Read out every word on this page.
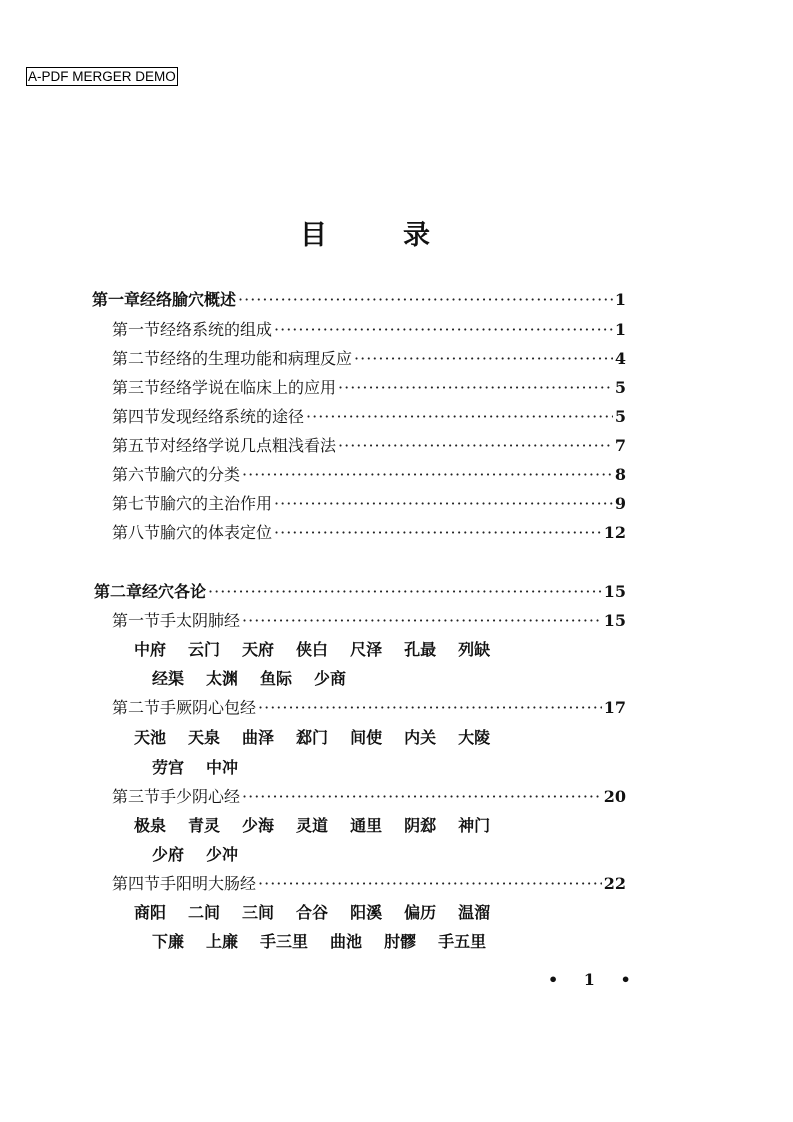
A-PDF MERGER DEMO
目	录
第一章 经络腧穴概述 ·····	1
第一节 经络系统的组成 ·····	1
第二节 经络的生理功能和病理反应 ·····	4
第三节 经络学说在临床上的应用 ·····	5
第四节 发现经络系统的途径 ·····	5
第五节 对经络学说几点粗浅看法 ·····	7
第六节 腧穴的分类 ·····	8
第七节 腧穴的主治作用 ·····	9
第八节 腧穴的体表定位 ·····	12
第二章 经穴各论 ·····	15
第一节 手太阴肺经 ·····	15
中府 云门 天府 侠白 尺泽 孔最 列缺
经渠 太渊 鱼际 少商
第二节 手厥阴心包经 ·····	17
天池 天泉 曲泽 郄门 间使 内关 大陵
劳宫 中冲
第三节 手少阴心经 ·····	20
极泉 青灵 少海 灵道 通里 阴郄 神门
少府 少冲
第四节 手阳明大肠经 ·····	22
商阳 二间 三间 合谷 阳溪 偏历 温溜
下廉 上廉 手三里 曲池 肘髎 手五里
• 1 •
